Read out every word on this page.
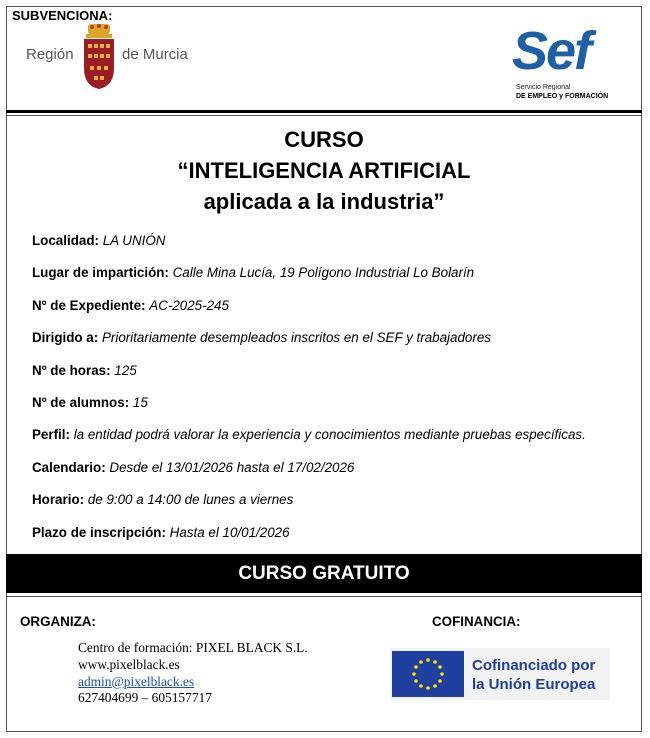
SUBVENCIONA:
Región	de Murcia	Sef
Servicio Regional
DE EMPLEO y FORMACIÓN
CURSO
“INTELIGENCIA ARTIFICIAL
aplicada a la industria”
Localidad: LA UNIÓN
Lugar de impartición: Calle Mina Lucía, 19 Polígono Industrial Lo Bolarín
Nº de Expediente: AC-2025-245
Dirigido a: Prioritariamente desempleados inscritos en el SEF y trabajadores
Nº de horas: 125
Nº de alumnos: 15
Perfil: la entidad podrá valorar la experiencia y conocimientos mediante pruebas específicas.
Calendario: Desde el 13/01/2026 hasta el 17/02/2026
Horario: de 9:00 a 14:00 de lunes a viernes
Plazo de inscripción: Hasta el 10/01/2026
CURSO GRATUITO
ORGANIZA:	COFINANCIA:
Centro de formación: PIXEL BLACK S.L.
www.pixelblack.es
admin@pixelblack.es
627404699 – 605157717
Cofinanciado por
la Unión Europea
